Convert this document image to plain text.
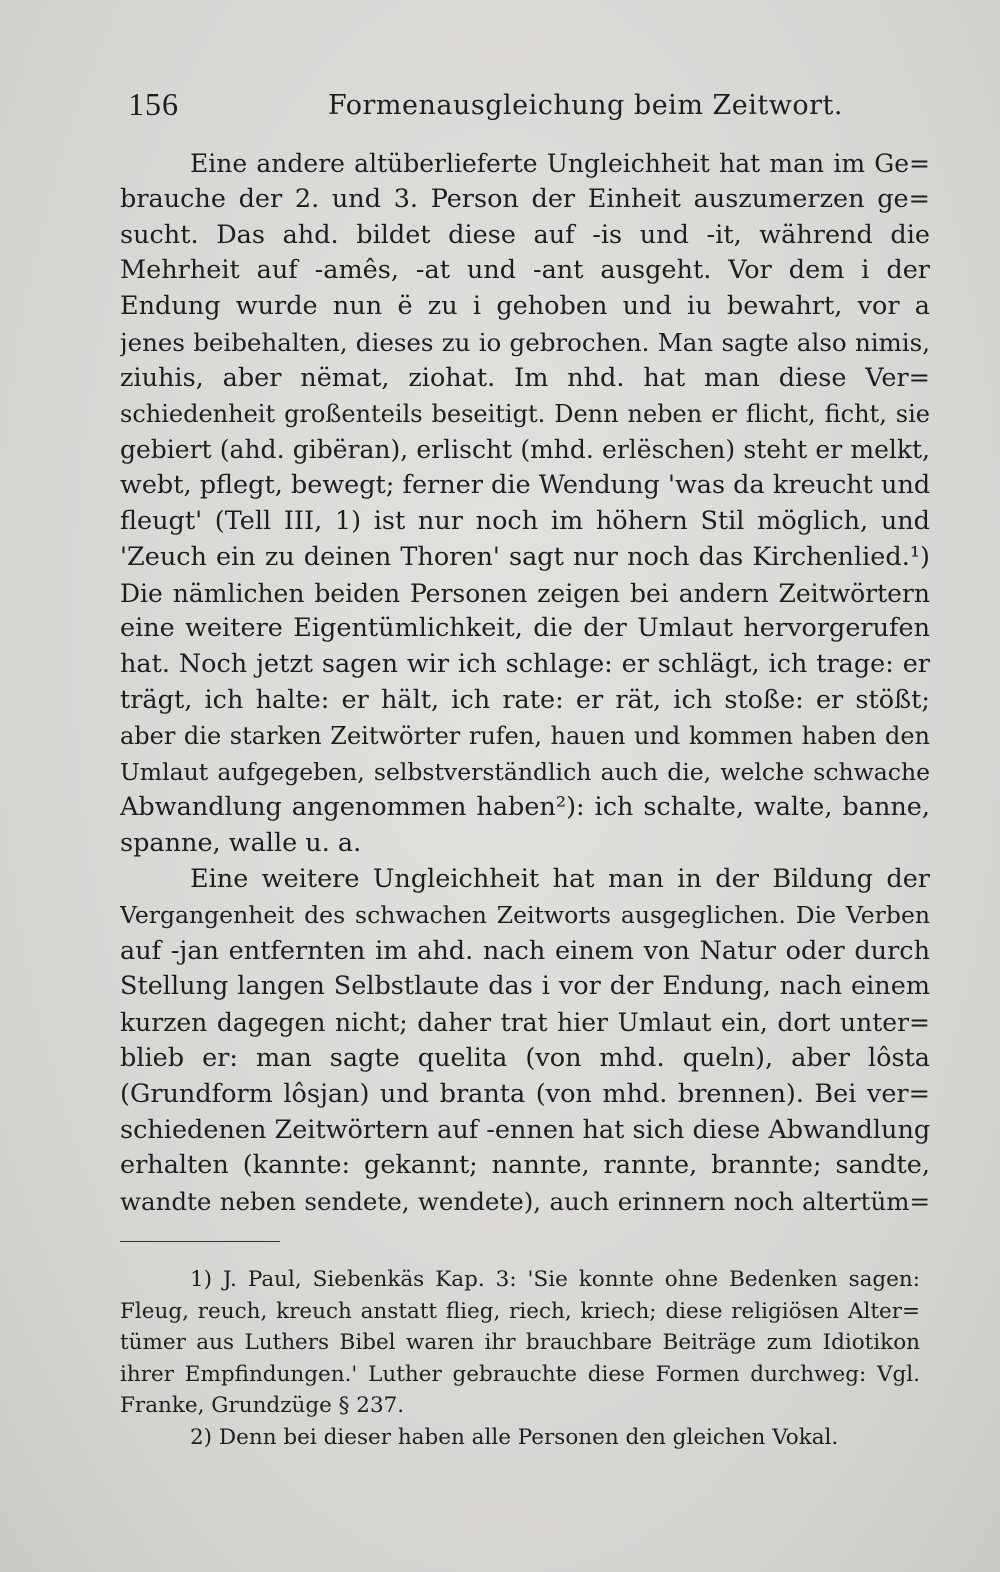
156	Formenausgleichung beim Zeitwort.
Eine andere altüberlieferte Ungleichheit hat man im Ge=
brauche der 2. und 3. Person der Einheit auszumerzen ge=
sucht. Das ahd. bildet diese auf -is und -it, während die
Mehrheit auf -amês, -at und -ant ausgeht. Vor dem i der
Endung wurde nun ë zu i gehoben und iu bewahrt, vor a
jenes beibehalten, dieses zu io gebrochen. Man sagte also nimis,
ziuhis, aber nëmat, ziohat. Im nhd. hat man diese Ver=
schiedenheit großenteils beseitigt. Denn neben er flicht, ficht, sie
gebiert (ahd. gibëran), erlischt (mhd. erlëschen) steht er melkt,
webt, pflegt, bewegt; ferner die Wendung 'was da kreucht und
fleugt' (Tell III, 1) ist nur noch im höhern Stil möglich, und
'Zeuch ein zu deinen Thoren' sagt nur noch das Kirchenlied.¹)
Die nämlichen beiden Personen zeigen bei andern Zeitwörtern
eine weitere Eigentümlichkeit, die der Umlaut hervorgerufen
hat. Noch jetzt sagen wir ich schlage: er schlägt, ich trage: er
trägt, ich halte: er hält, ich rate: er rät, ich stoße: er stößt;
aber die starken Zeitwörter rufen, hauen und kommen haben den
Umlaut aufgegeben, selbstverständlich auch die, welche schwache
Abwandlung angenommen haben²): ich schalte, walte, banne,
spanne, walle u. a.
Eine weitere Ungleichheit hat man in der Bildung der
Vergangenheit des schwachen Zeitworts ausgeglichen. Die Verben
auf -jan entfernten im ahd. nach einem von Natur oder durch
Stellung langen Selbstlaute das i vor der Endung, nach einem
kurzen dagegen nicht; daher trat hier Umlaut ein, dort unter=
blieb er: man sagte quelita (von mhd. queln), aber lôsta
(Grundform lôsjan) und branta (von mhd. brennen). Bei ver=
schiedenen Zeitwörtern auf -ennen hat sich diese Abwandlung
erhalten (kannte: gekannt; nannte, rannte, brannte; sandte,
wandte neben sendete, wendete), auch erinnern noch altertüm=
1) J. Paul, Siebenkäs Kap. 3: 'Sie konnte ohne Bedenken sagen:
Fleug, reuch, kreuch anstatt flieg, riech, kriech; diese religiösen Alter=
tümer aus Luthers Bibel waren ihr brauchbare Beiträge zum Idiotikon
ihrer Empfindungen.' Luther gebrauchte diese Formen durchweg: Vgl.
Franke, Grundzüge § 237.
2) Denn bei dieser haben alle Personen den gleichen Vokal.
